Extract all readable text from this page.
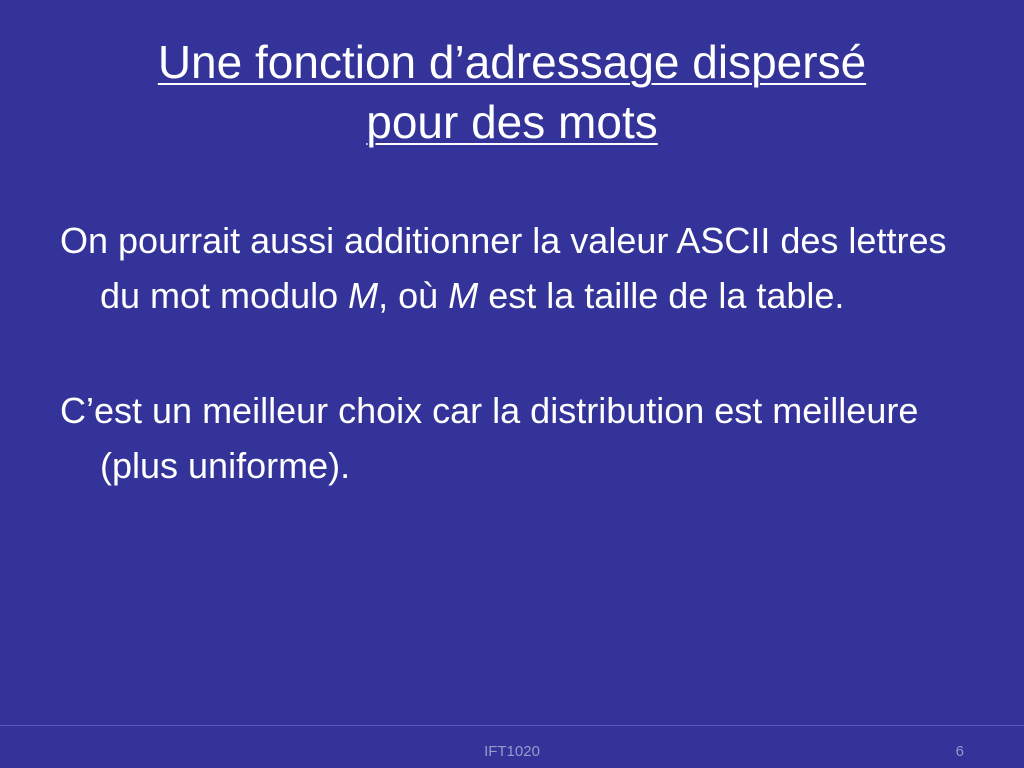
Une fonction d’adressage dispersé
pour des mots

On pourrait aussi additionner la valeur ASCII des lettres du mot modulo M, où M est la taille de la table.

C’est un meilleur choix car la distribution est meilleure (plus uniforme).

IFT1020	6
